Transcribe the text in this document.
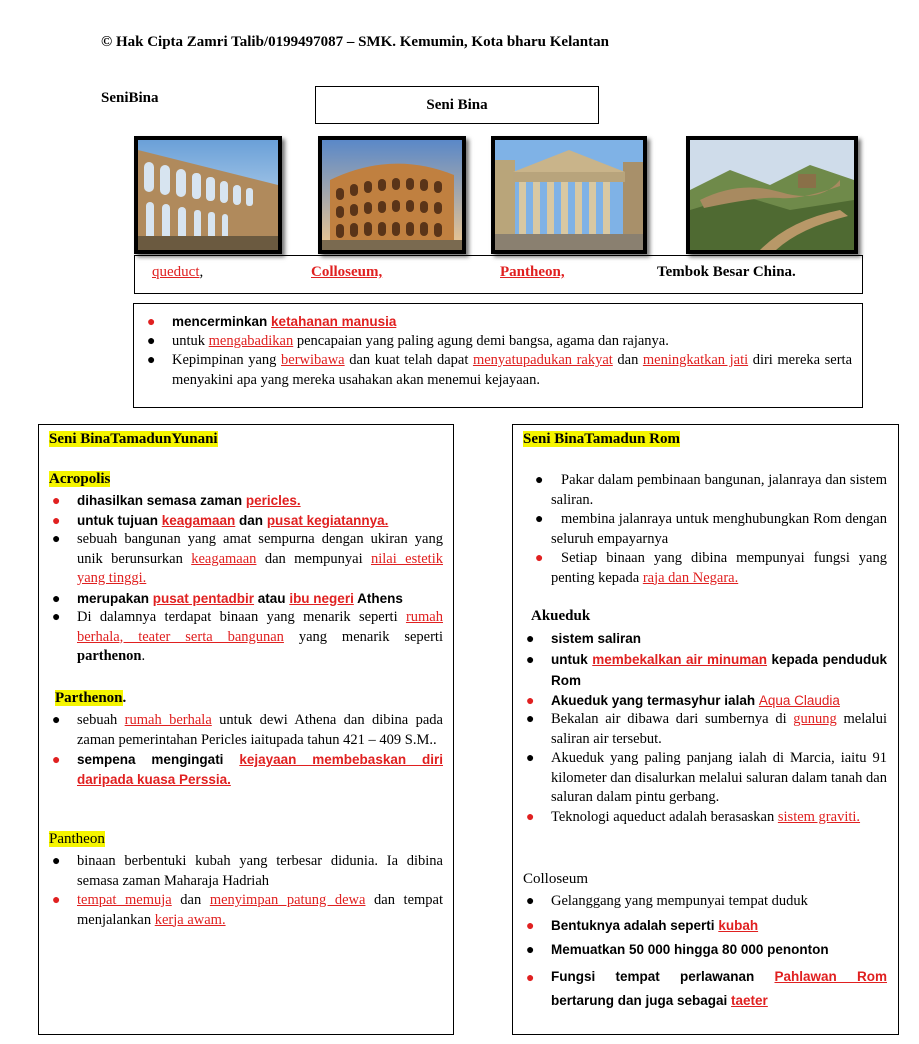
© Hak Cipta Zamri Talib/0199497087 – SMK. Kemumin, Kota bharu Kelantan
SeniBina	Seni Bina
queduct,	Colloseum,	Pantheon,	Tembok Besar China.
● mencerminkan ketahanan manusia
● untuk mengabadikan pencapaian yang paling agung demi bangsa, agama dan rajanya.
● Kepimpinan yang berwibawa dan kuat telah dapat menyatupadukan rakyat dan meningkatkan jati diri mereka serta menyakini apa yang mereka usahakan akan menemui kejayaan.
Seni BinaTamadunYunani
Acropolis
● dihasilkan semasa zaman pericles.
● untuk tujuan keagamaan dan pusat kegiatannya.
● sebuah bangunan yang amat sempurna dengan ukiran yang unik berunsurkan keagamaan dan mempunyai nilai estetik yang tinggi.
● merupakan pusat pentadbir atau ibu negeri Athens
● Di dalamnya terdapat binaan yang menarik seperti rumah berhala, teater serta bangunan yang menarik seperti parthenon.
Parthenon.
● sebuah rumah berhala untuk dewi Athena dan dibina pada zaman pemerintahan Pericles iaitupada tahun 421 – 409 S.M..
● sempena mengingati kejayaan membebaskan diri daripada kuasa Perssia.
Pantheon
● binaan berbentuki kubah yang terbesar didunia. Ia dibina semasa zaman Maharaja Hadriah
● tempat memuja dan menyimpan patung dewa dan tempat menjalankan kerja awam.
Seni BinaTamadun Rom
● Pakar dalam pembinaan bangunan, jalanraya dan sistem saliran.
● membina jalanraya untuk menghubungkan Rom dengan seluruh empayarnya
● Setiap binaan yang dibina mempunyai fungsi yang penting kepada raja dan Negara.
Akueduk
● sistem saliran
● untuk membekalkan air minuman kepada penduduk Rom
● Akueduk yang termasyhur ialah Aqua Claudia
● Bekalan air dibawa dari sumbernya di gunung melalui saliran air tersebut.
● Akueduk yang paling panjang ialah di Marcia, iaitu 91 kilometer dan disalurkan melalui saluran dalam tanah dan saluran dalam pintu gerbang.
● Teknologi aqueduct adalah berasaskan sistem graviti.
Colloseum
● Gelanggang yang mempunyai tempat duduk
● Bentuknya adalah seperti kubah
● Memuatkan 50 000 hingga 80 000 penonton
● Fungsi tempat perlawanan Pahlawan Rom bertarung dan juga sebagai taeter
